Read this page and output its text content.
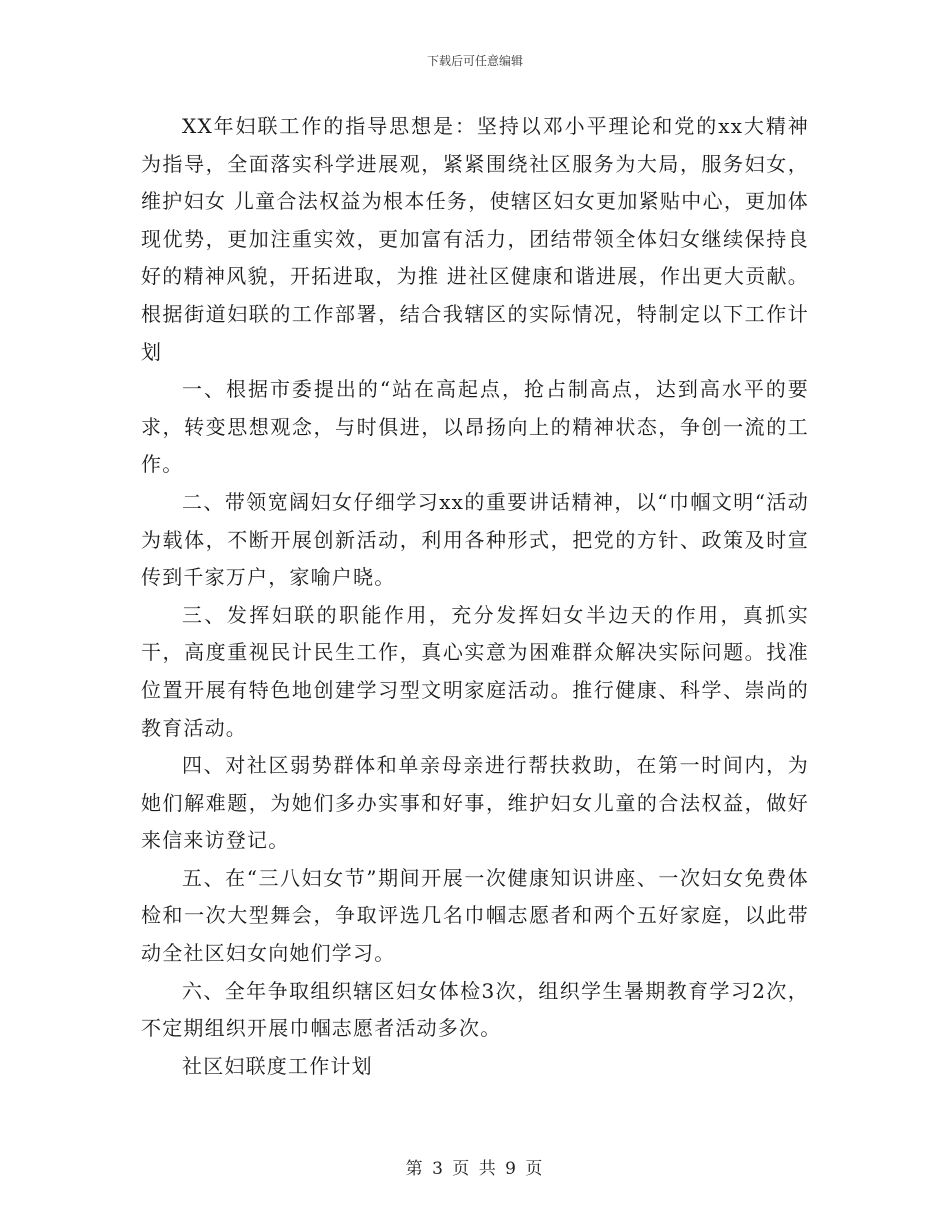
下载后可任意编辑

XX年妇联工作的指导思想是：坚持以邓小平理论和党的xx大精神为指导，全面落实科学进展观，紧紧围绕社区服务为大局，服务妇女，维护妇女 儿童合法权益为根本任务，使辖区妇女更加紧贴中心，更加体现优势，更加注重实效，更加富有活力，团结带领全体妇女继续保持良好的精神风貌，开拓进取，为推 进社区健康和谐进展，作出更大贡献。根据街道妇联的工作部署，结合我辖区的实际情况，特制定以下工作计划

一、根据市委提出的“站在高起点，抢占制高点，达到高水平的要求，转变思想观念，与时俱进，以昂扬向上的精神状态，争创一流的工作。

二、带领宽阔妇女仔细学习xx的重要讲话精神，以“巾帼文明“活动为载体，不断开展创新活动，利用各种形式，把党的方针、政策及时宣传到千家万户，家喻户晓。

三、发挥妇联的职能作用，充分发挥妇女半边天的作用，真抓实干，高度重视民计民生工作，真心实意为困难群众解决实际问题。找准位置开展有特色地创建学习型文明家庭活动。推行健康、科学、崇尚的教育活动。

四、对社区弱势群体和单亲母亲进行帮扶救助，在第一时间内，为她们解难题，为她们多办实事和好事，维护妇女儿童的合法权益，做好来信来访登记。

五、在“三八妇女节”期间开展一次健康知识讲座、一次妇女免费体检和一次大型舞会，争取评选几名巾帼志愿者和两个五好家庭，以此带动全社区妇女向她们学习。

六、全年争取组织辖区妇女体检3次，组织学生暑期教育学习2次，不定期组织开展巾帼志愿者活动多次。

社区妇联度工作计划

第 3 页 共 9 页
